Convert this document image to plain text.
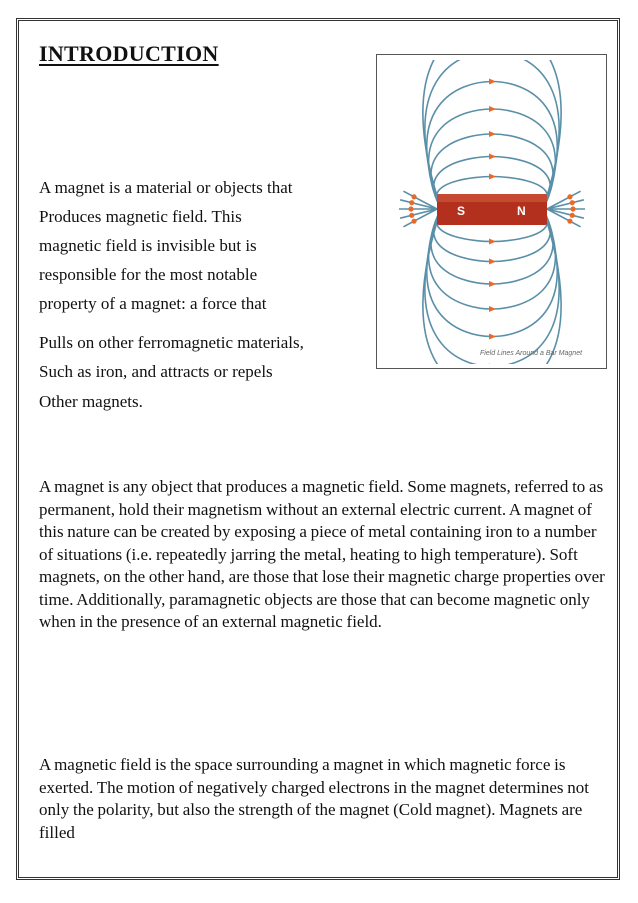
INTRODUCTION
A magnet is a material or objects that
Produces magnetic field. This
magnetic field is invisible but is
responsible for the most notable
property of a magnet: a force that
Pulls on other ferromagnetic materials,
Such as iron, and attracts or repels
Other magnets.
S	N
Field Lines Around a Bar Magnet

A magnet is any object that produces a magnetic field. Some magnets, referred to as permanent, hold their magnetism without an external electric current. A magnet of this nature can be created by exposing a piece of metal containing iron to a number of situations (i.e. repeatedly jarring the metal, heating to high temperature). Soft magnets, on the other hand, are those that lose their magnetic charge properties over time. Additionally, paramagnetic objects are those that can become magnetic only when in the presence of an external magnetic field.

A magnetic field is the space surrounding a magnet in which magnetic force is exerted. The motion of negatively charged electrons in the magnet determines not only the polarity, but also the strength of the magnet (Cold magnet). Magnets are filled
